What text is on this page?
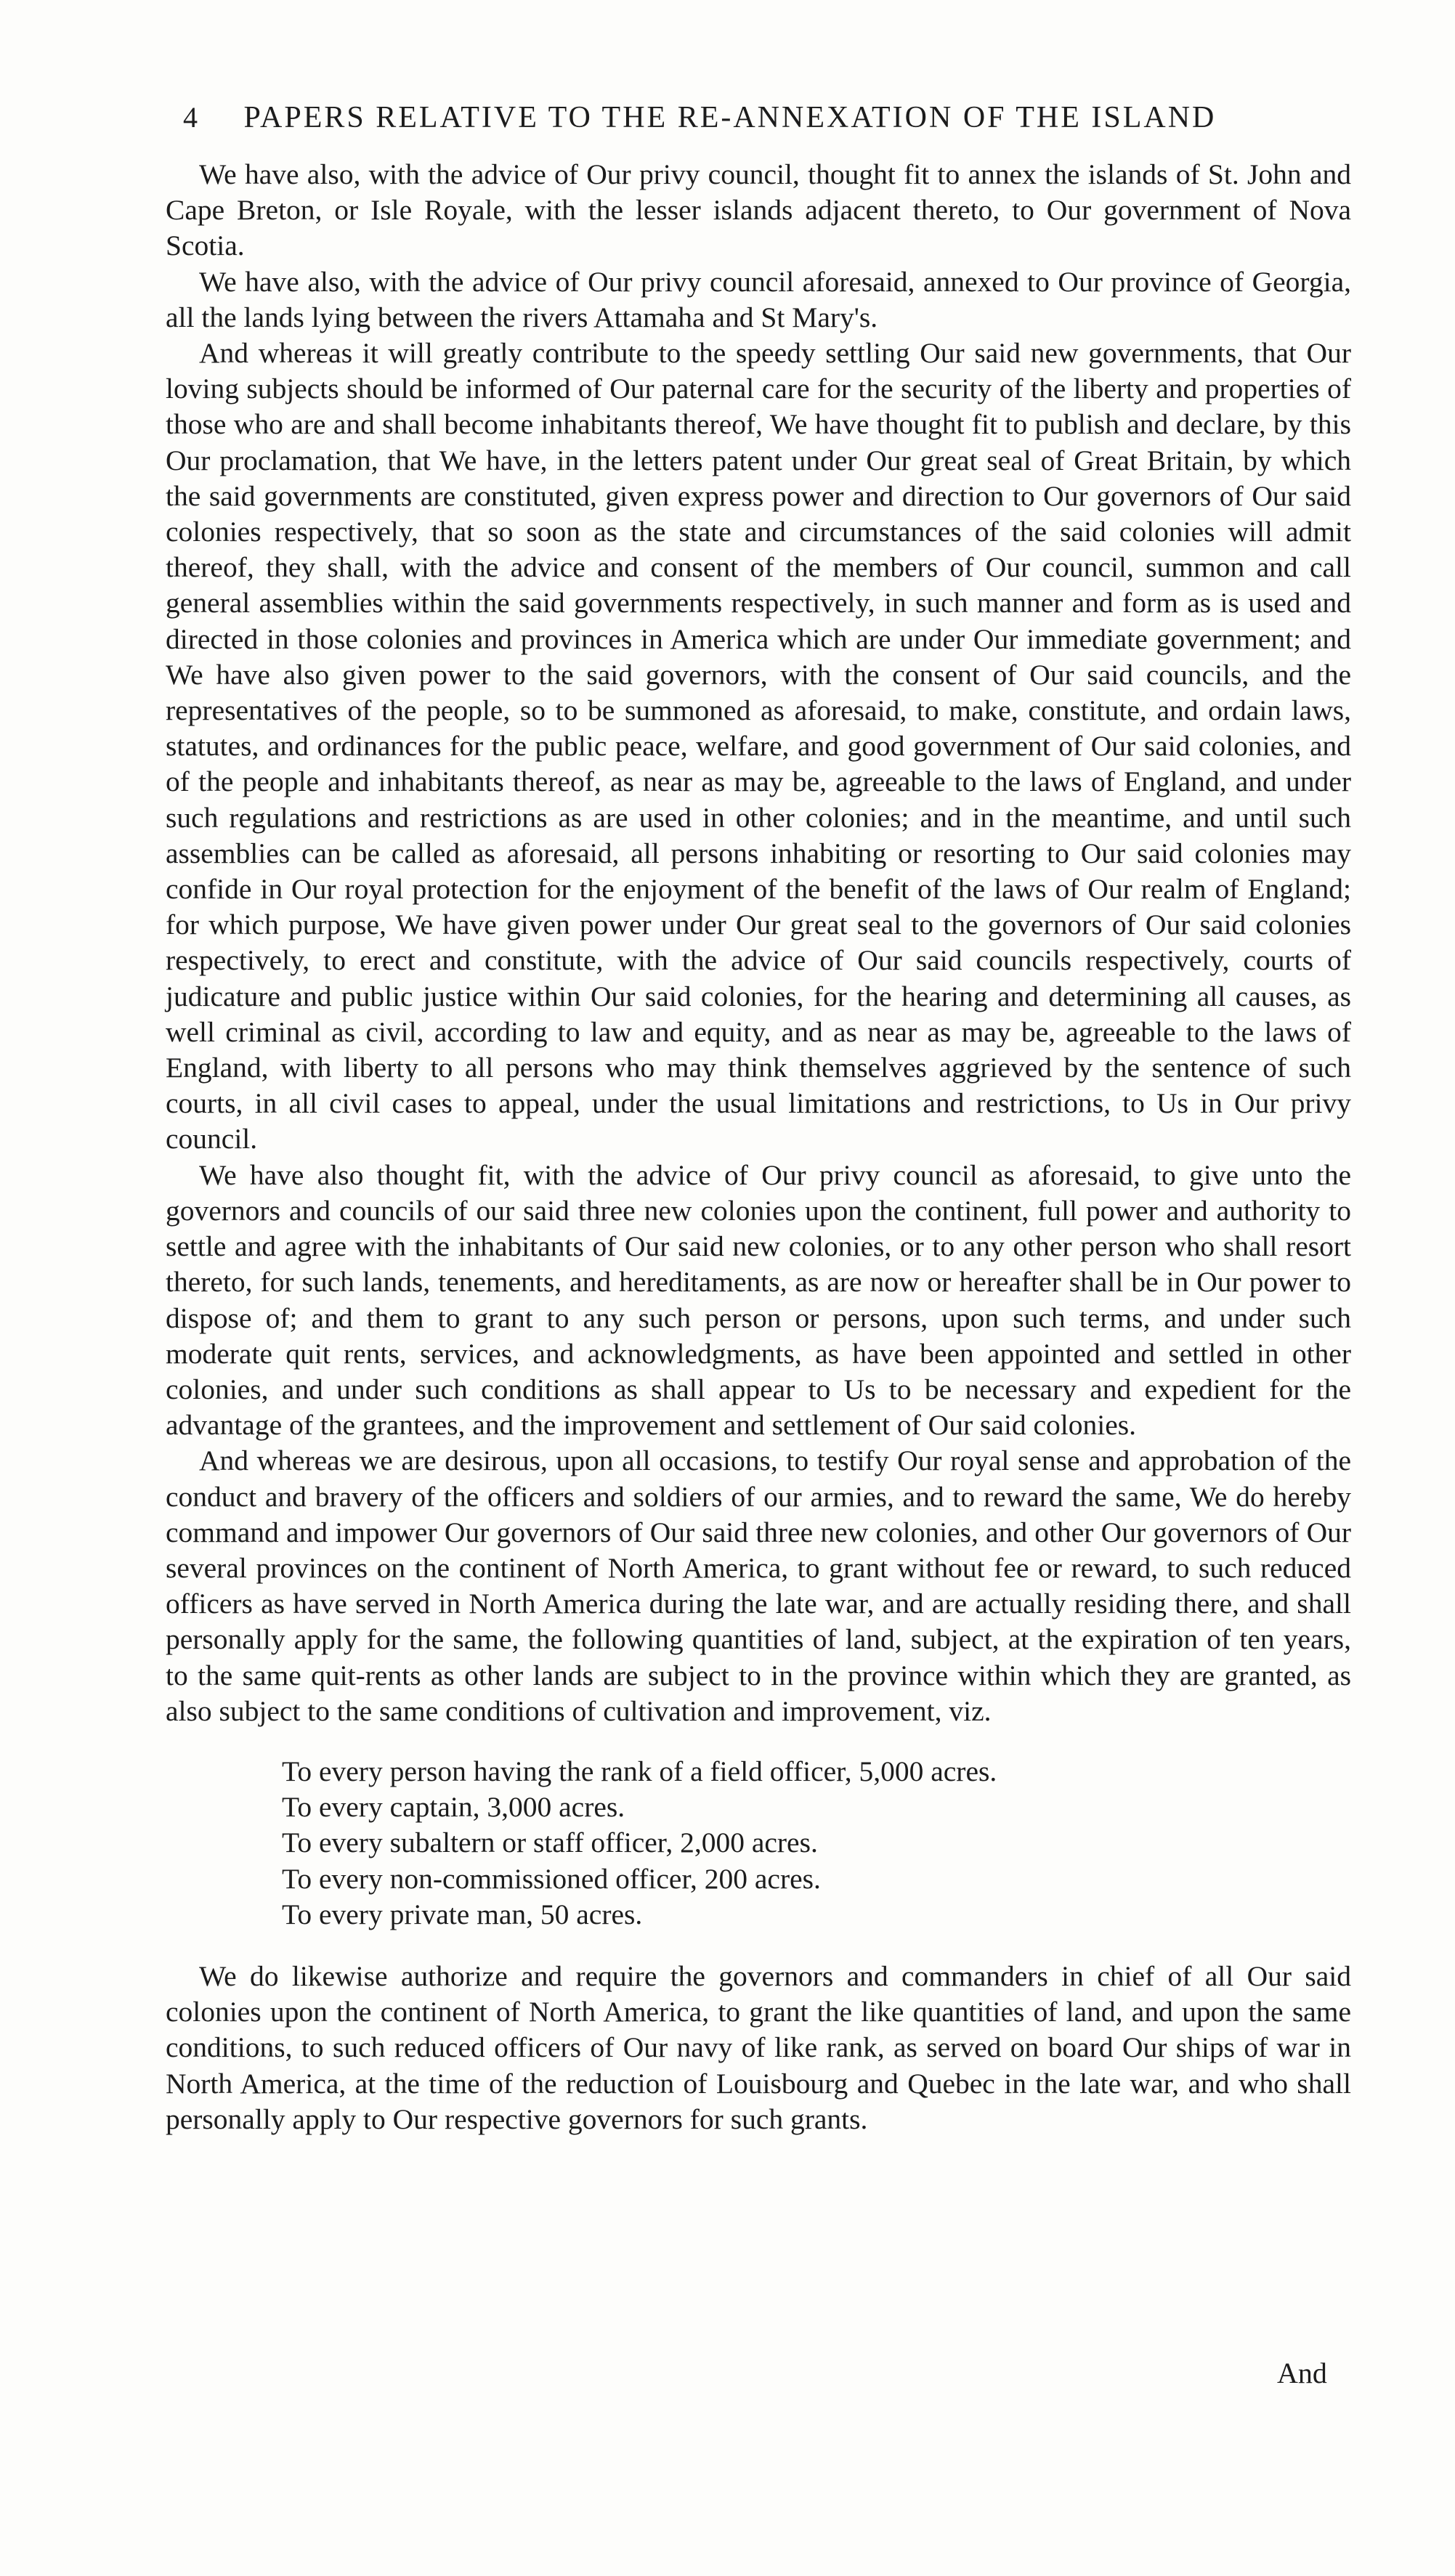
4 PAPERS RELATIVE TO THE RE-ANNEXATION OF THE ISLAND

We have also, with the advice of Our privy council, thought fit to annex the islands of St. John and Cape Breton, or Isle Royale, with the lesser islands adjacent thereto, to Our government of Nova Scotia.

We have also, with the advice of Our privy council aforesaid, annexed to Our province of Georgia, all the lands lying between the rivers Attamaha and St Mary's.

And whereas it will greatly contribute to the speedy settling Our said new governments, that Our loving subjects should be informed of Our paternal care for the security of the liberty and properties of those who are and shall become inhabitants thereof, We have thought fit to publish and declare, by this Our proclamation, that We have, in the letters patent under Our great seal of Great Britain, by which the said governments are constituted, given express power and direction to Our governors of Our said colonies respectively, that so soon as the state and circumstances of the said colonies will admit thereof, they shall, with the advice and consent of the members of Our council, summon and call general assemblies within the said governments respectively, in such manner and form as is used and directed in those colonies and provinces in America which are under Our immediate government; and We have also given power to the said governors, with the consent of Our said councils, and the representatives of the people, so to be summoned as aforesaid, to make, constitute, and ordain laws, statutes, and ordinances for the public peace, welfare, and good government of Our said colonies, and of the people and inhabitants thereof, as near as may be, agreeable to the laws of England, and under such regulations and restrictions as are used in other colonies; and in the meantime, and until such assemblies can be called as aforesaid, all persons inhabiting or resorting to Our said colonies may confide in Our royal protection for the enjoyment of the benefit of the laws of Our realm of England; for which purpose, We have given power under Our great seal to the governors of Our said colonies respectively, to erect and constitute, with the advice of Our said councils respectively, courts of judicature and public justice within Our said colonies, for the hearing and determining all causes, as well criminal as civil, according to law and equity, and as near as may be, agreeable to the laws of England, with liberty to all persons who may think themselves aggrieved by the sentence of such courts, in all civil cases to appeal, under the usual limitations and restrictions, to Us in Our privy council.

We have also thought fit, with the advice of Our privy council as aforesaid, to give unto the governors and councils of our said three new colonies upon the continent, full power and authority to settle and agree with the inhabitants of Our said new colonies, or to any other person who shall resort thereto, for such lands, tenements, and hereditaments, as are now or hereafter shall be in Our power to dispose of; and them to grant to any such person or persons, upon such terms, and under such moderate quit rents, services, and acknowledgments, as have been appointed and settled in other colonies, and under such conditions as shall appear to Us to be necessary and expedient for the advantage of the grantees, and the improvement and settlement of Our said colonies.

And whereas we are desirous, upon all occasions, to testify Our royal sense and approbation of the conduct and bravery of the officers and soldiers of our armies, and to reward the same, We do hereby command and impower Our governors of Our said three new colonies, and other Our governors of Our several provinces on the continent of North America, to grant without fee or reward, to such reduced officers as have served in North America during the late war, and are actually residing there, and shall personally apply for the same, the following quantities of land, subject, at the expiration of ten years, to the same quit-rents as other lands are subject to in the province within which they are granted, as also subject to the same conditions of cultivation and improvement, viz.

To every person having the rank of a field officer, 5,000 acres.

To every captain, 3,000 acres.

To every subaltern or staff officer, 2,000 acres.

To every non-commissioned officer, 200 acres.

To every private man, 50 acres.

We do likewise authorize and require the governors and commanders in chief of all Our said colonies upon the continent of North America, to grant the like quantities of land, and upon the same conditions, to such reduced officers of Our navy of like rank, as served on board Our ships of war in North America, at the time of the reduction of Louisbourg and Quebec in the late war, and who shall personally apply to Our respective governors for such grants.

And
